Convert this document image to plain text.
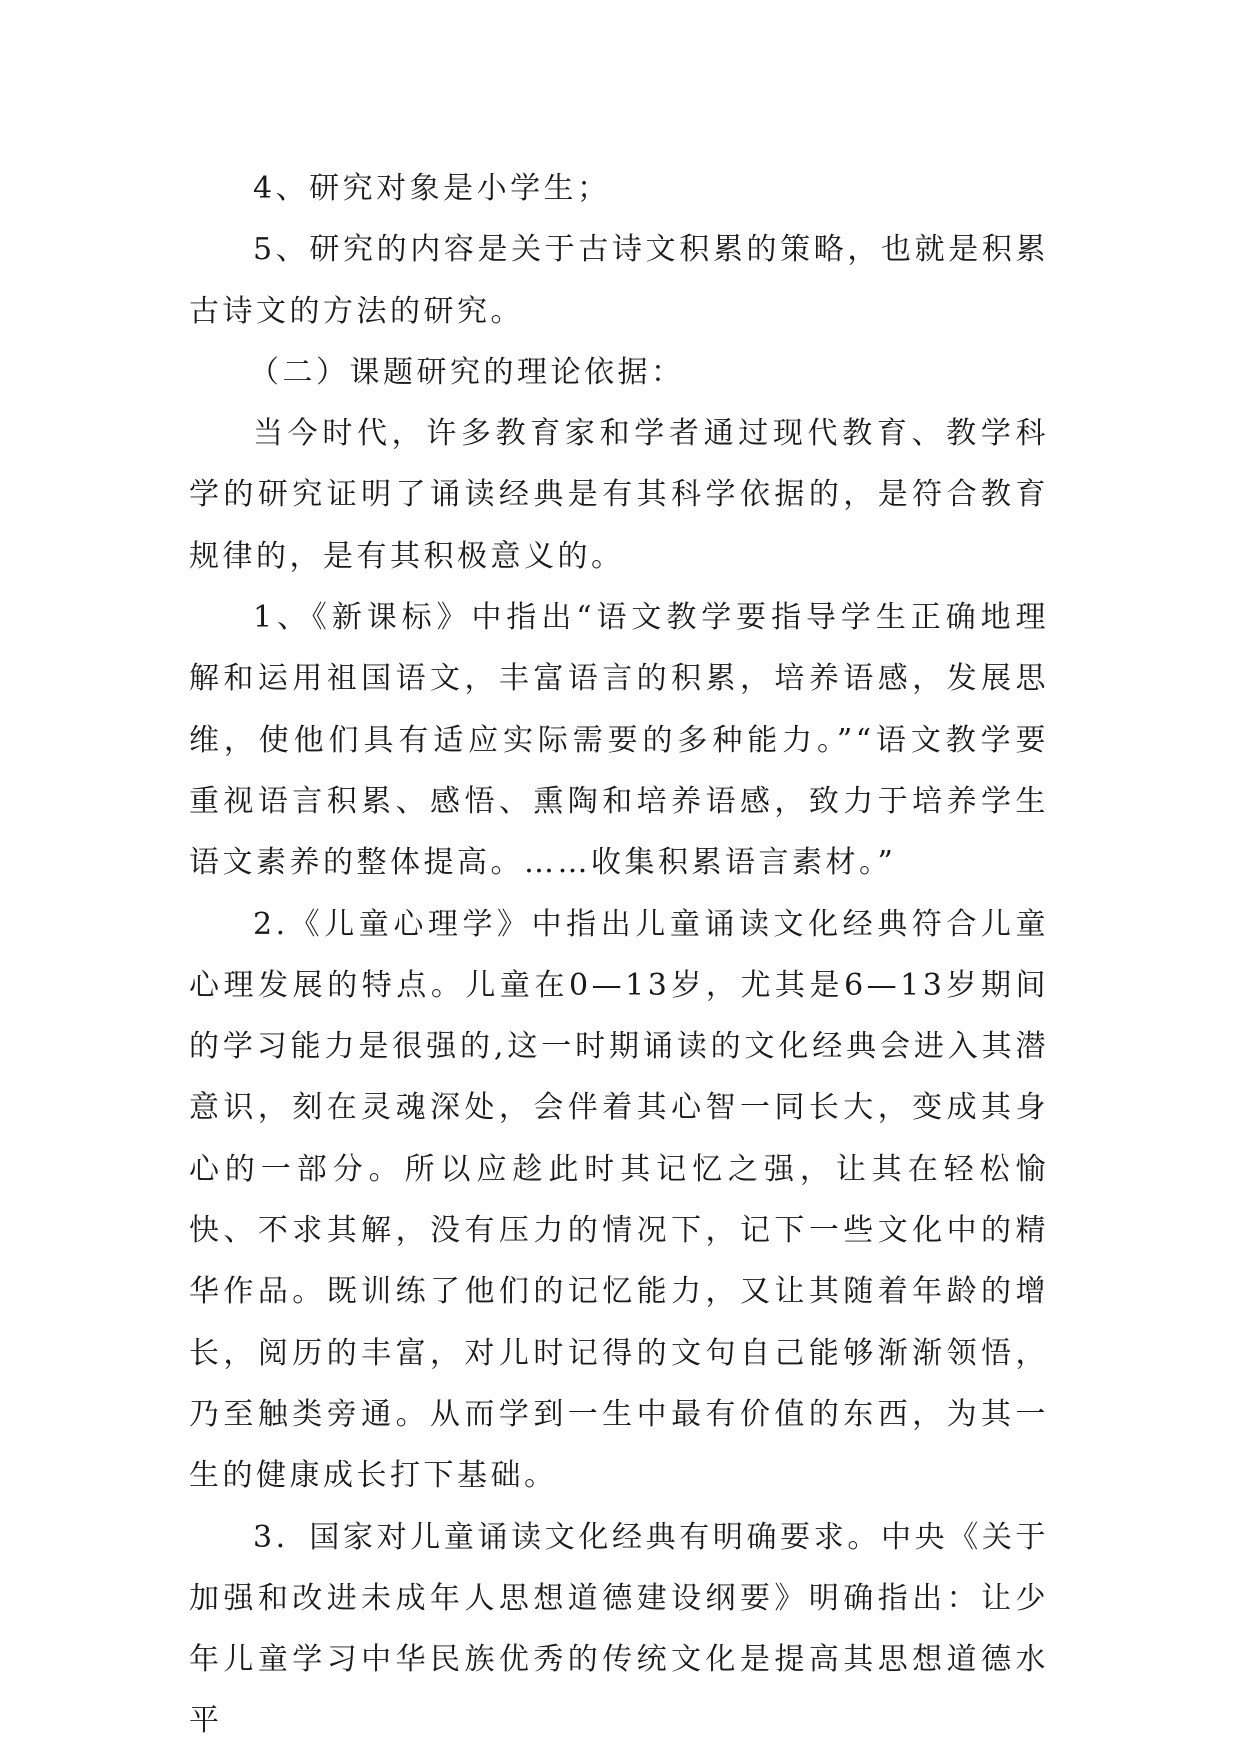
4、研究对象是小学生；

5、研究的内容是关于古诗文积累的策略，也就是积累古诗文的方法的研究。

（二）课题研究的理论依据：

当今时代，许多教育家和学者通过现代教育、教学科学的研究证明了诵读经典是有其科学依据的，是符合教育规律的，是有其积极意义的。

1、《新课标》中指出“语文教学要指导学生正确地理解和运用祖国语文，丰富语言的积累，培养语感，发展思维，使他们具有适应实际需要的多种能力。”“语文教学要重视语言积累、感悟、熏陶和培养语感，致力于培养学生语文素养的整体提高。……收集积累语言素材。”

2.《儿童心理学》中指出儿童诵读文化经典符合儿童心理发展的特点。儿童在0—13岁，尤其是6—13岁期间的学习能力是很强的,这一时期诵读的文化经典会进入其潜意识，刻在灵魂深处，会伴着其心智一同长大，变成其身心的一部分。所以应趁此时其记忆之强，让其在轻松愉快、不求其解，没有压力的情况下，记下一些文化中的精华作品。既训练了他们的记忆能力，又让其随着年龄的增长，阅历的丰富，对儿时记得的文句自己能够渐渐领悟，乃至触类旁通。从而学到一生中最有价值的东西，为其一生的健康成长打下基础。

3．国家对儿童诵读文化经典有明确要求。中央《关于加强和改进未成年人思想道德建设纲要》明确指出：让少年儿童学习中华民族优秀的传统文化是提高其思想道德水平
